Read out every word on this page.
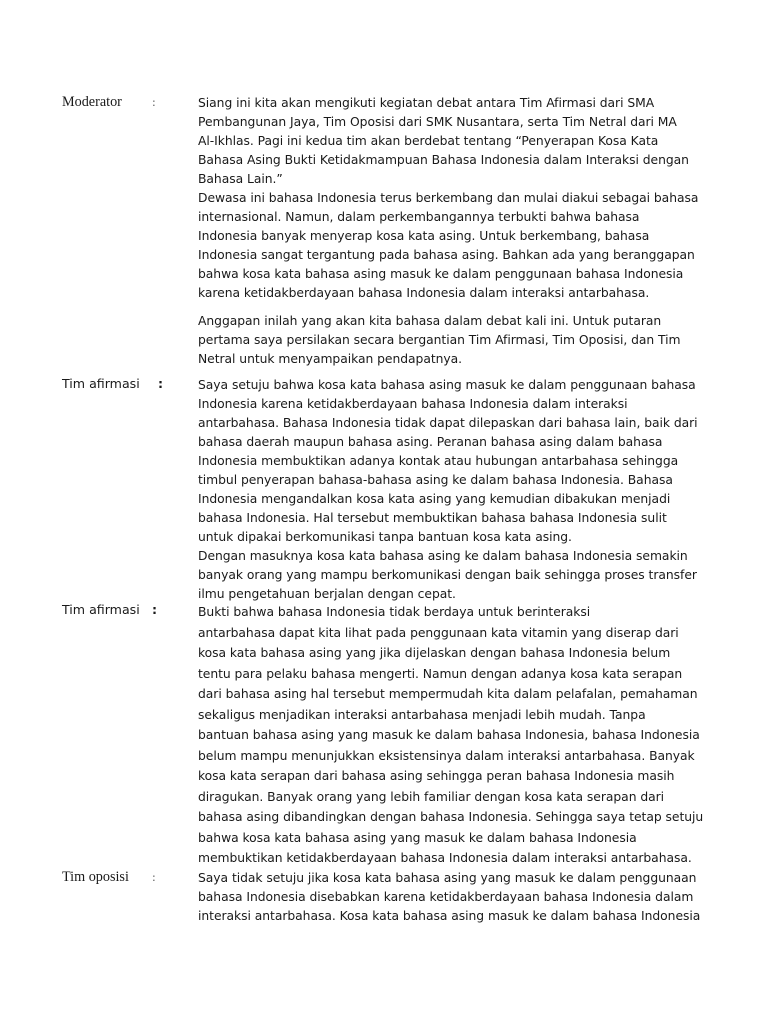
Moderator	:	Siang ini kita akan mengikuti kegiatan debat antara Tim Afirmasi dari SMA
Pembangunan Jaya, Tim Oposisi dari SMK Nusantara, serta Tim Netral dari MA
Al-Ikhlas. Pagi ini kedua tim akan berdebat tentang “Penyerapan Kosa Kata
Bahasa Asing Bukti Ketidakmampuan Bahasa Indonesia dalam Interaksi dengan
Bahasa Lain.”
Dewasa ini bahasa Indonesia terus berkembang dan mulai diakui sebagai bahasa
internasional. Namun, dalam perkembangannya terbukti bahwa bahasa
Indonesia banyak menyerap kosa kata asing. Untuk berkembang, bahasa
Indonesia sangat tergantung pada bahasa asing. Bahkan ada yang beranggapan
bahwa kosa kata bahasa asing masuk ke dalam penggunaan bahasa Indonesia
karena ketidakberdayaan bahasa Indonesia dalam interaksi antarbahasa.
Anggapan inilah yang akan kita bahasa dalam debat kali ini. Untuk putaran
pertama saya persilakan secara bergantian Tim Afirmasi, Tim Oposisi, dan Tim
Netral untuk menyampaikan pendapatnya.
Tim afirmasi :	Saya setuju bahwa kosa kata bahasa asing masuk ke dalam penggunaan bahasa
Indonesia karena ketidakberdayaan bahasa Indonesia dalam interaksi
antarbahasa. Bahasa Indonesia tidak dapat dilepaskan dari bahasa lain, baik dari
bahasa daerah maupun bahasa asing. Peranan bahasa asing dalam bahasa
Indonesia membuktikan adanya kontak atau hubungan antarbahasa sehingga
timbul penyerapan bahasa-bahasa asing ke dalam bahasa Indonesia. Bahasa
Indonesia mengandalkan kosa kata asing yang kemudian dibakukan menjadi
bahasa Indonesia. Hal tersebut membuktikan bahasa bahasa Indonesia sulit
untuk dipakai berkomunikasi tanpa bantuan kosa kata asing.
Dengan masuknya kosa kata bahasa asing ke dalam bahasa Indonesia semakin
banyak orang yang mampu berkomunikasi dengan baik sehingga proses transfer
ilmu pengetahuan berjalan dengan cepat.
Tim afirmasi :	Bukti bahwa bahasa Indonesia tidak berdaya untuk berinteraksi
antarbahasa dapat kita lihat pada penggunaan kata vitamin yang diserap dari
kosa kata bahasa asing yang jika dijelaskan dengan bahasa Indonesia belum
tentu para pelaku bahasa mengerti. Namun dengan adanya kosa kata serapan
dari bahasa asing hal tersebut mempermudah kita dalam pelafalan, pemahaman
sekaligus menjadikan interaksi antarbahasa menjadi lebih mudah. Tanpa
bantuan bahasa asing yang masuk ke dalam bahasa Indonesia, bahasa Indonesia
belum mampu menunjukkan eksistensinya dalam interaksi antarbahasa. Banyak
kosa kata serapan dari bahasa asing sehingga peran bahasa Indonesia masih
diragukan. Banyak orang yang lebih familiar dengan kosa kata serapan dari
bahasa asing dibandingkan dengan bahasa Indonesia. Sehingga saya tetap setuju
bahwa kosa kata bahasa asing yang masuk ke dalam bahasa Indonesia
membuktikan ketidakberdayaan bahasa Indonesia dalam interaksi antarbahasa.
Tim oposisi :	Saya tidak setuju jika kosa kata bahasa asing yang masuk ke dalam penggunaan
bahasa Indonesia disebabkan karena ketidakberdayaan bahasa Indonesia dalam
interaksi antarbahasa. Kosa kata bahasa asing masuk ke dalam bahasa Indonesia
